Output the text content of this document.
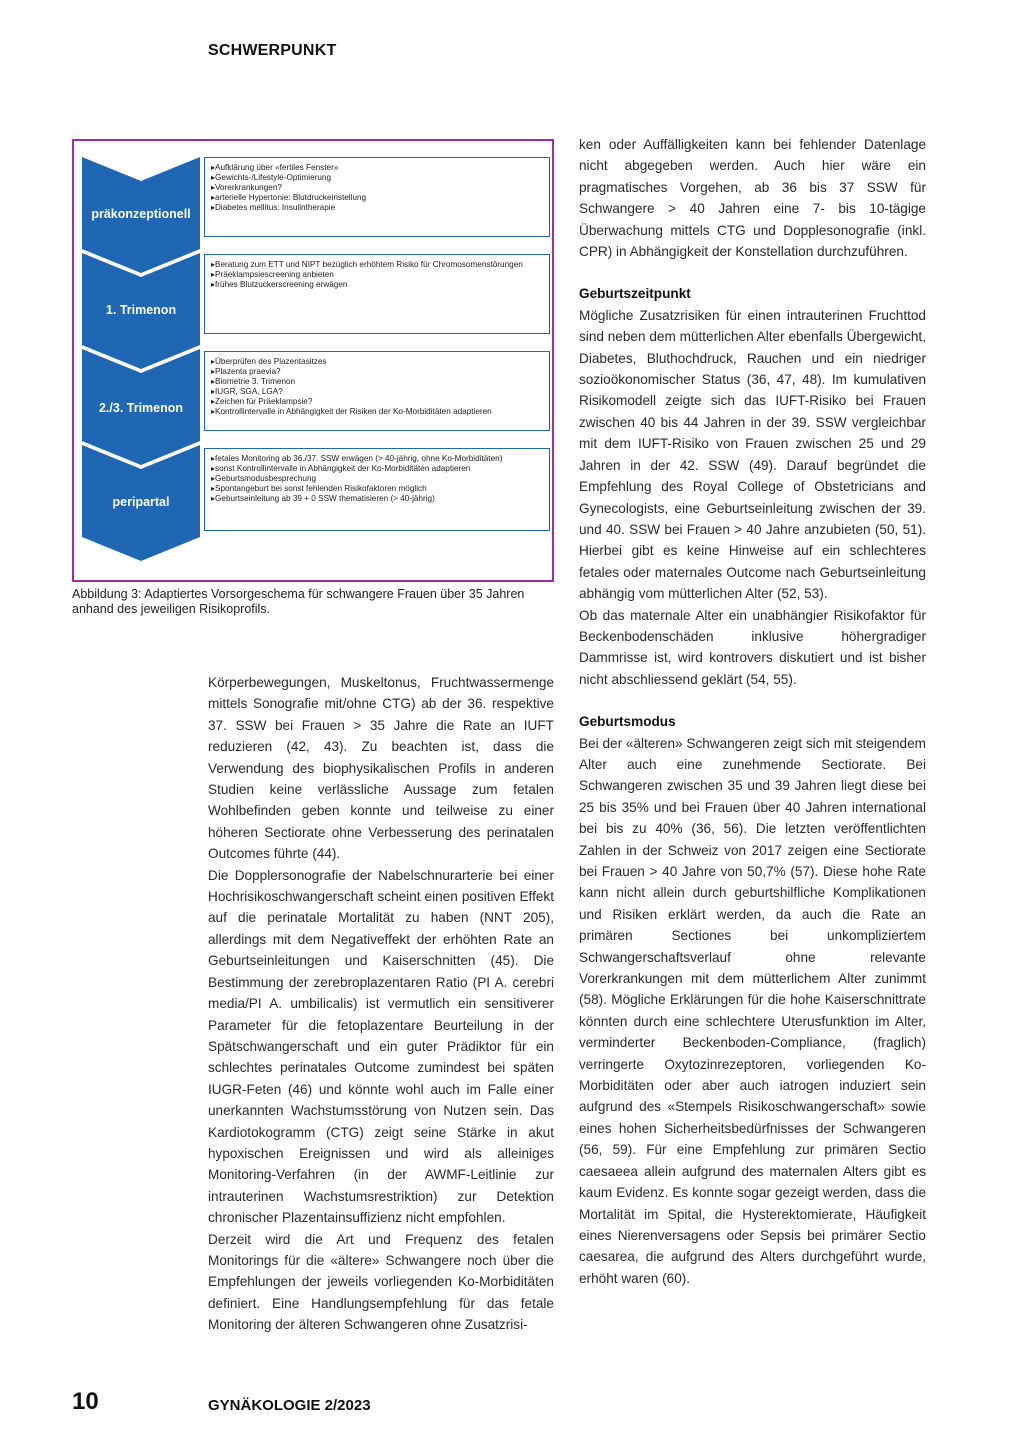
SCHWERPUNKT
präkonzeptionell
▸ Aufklärung über «fertiles Fenster»
▸ Gewichts-/Lifestyle-Optimierung
▸ Vorerkrankungen?
▸ arterielle Hypertonie: Blutdruckeinstellung
▸ Diabetes mellitus: Insulintherapie
1. Trimenon
▸ Beratung zum ETT und NIPT bezüglich erhöhtem Risiko für Chromosomenstörungen
▸ Präeklampsiescreening anbieten
▸ frühes Blutzuckerscreening erwägen
2./3. Trimenon
▸ Überprüfen des Plazentasitzes
▸ Plazenta praevia?
▸ Biometrie 3. Trimenon
▸ IUGR, SGA, LGA?
▸ Zeichen für Präeklampsie?
▸ Kontrollintervalle in Abhängigkeit der Risiken der Ko-Morbiditäten adaptieren
peripartal
▸ fetales Monitoring ab 36./37. SSW erwägen (> 40-jährig, ohne Ko-Morbiditäten)
▸ sonst Kontrollintervalle in Abhängigkeit der Ko-Morbiditäten adaptieren
▸ Geburtsmodusbesprechung
▸ Spontangeburt bei sonst fehlenden Risikofaktoren möglich
▸ Geburtseinleitung ab 39 + 0 SSW thematisieren (> 40-jährig)
Abbildung 3: Adaptiertes Vorsorgeschema für schwangere Frauen über 35 Jahren anhand des jeweiligen Risikoprofils.

Körperbewegungen, Muskeltonus, Fruchtwassermenge mittels Sonografie mit/ohne CTG) ab der 36. respektive 37. SSW bei Frauen > 35 Jahre die Rate an IUFT reduzieren (42, 43). Zu beachten ist, dass die Verwendung des biophysikalischen Profils in anderen Studien keine verlässliche Aussage zum fetalen Wohlbefinden geben konnte und teilweise zu einer höheren Sectiorate ohne Verbesserung des perinatalen Outcomes führte (44).

Die Dopplersonografie der Nabelschnurarterie bei einer Hochrisikoschwangerschaft scheint einen positiven Effekt auf die perinatale Mortalität zu haben (NNT 205), allerdings mit dem Negativeffekt der erhöhten Rate an Geburtseinleitungen und Kaiserschnitten (45). Die Bestimmung der zerebroplazentaren Ratio (PI A. cerebri media/PI A. umbilicalis) ist vermutlich ein sensitiverer Parameter für die fetoplazentare Beurteilung in der Spätschwangerschaft und ein guter Prädiktor für ein schlechtes perinatales Outcome zumindest bei späten IUGR-Feten (46) und könnte wohl auch im Falle einer unerkannten Wachstumsstörung von Nutzen sein. Das Kardiotokogramm (CTG) zeigt seine Stärke in akut hypoxischen Ereignissen und wird als alleiniges Monitoring-Verfahren (in der AWMF-Leitlinie zur intrauterinen Wachstumsrestriktion) zur Detektion chronischer Plazentainsuffizienz nicht empfohlen.

Derzeit wird die Art und Frequenz des fetalen Monitorings für die «ältere» Schwangere noch über die Empfehlungen der jeweils vorliegenden Ko-Morbiditäten definiert. Eine Handlungsempfehlung für das fetale Monitoring der älteren Schwangeren ohne Zusatzrisi-

ken oder Auffälligkeiten kann bei fehlender Datenlage nicht abgegeben werden. Auch hier wäre ein pragmatisches Vorgehen, ab 36 bis 37 SSW für Schwangere > 40 Jahren eine 7- bis 10-tägige Überwachung mittels CTG und Dopplesonografie (inkl. CPR) in Abhängigkeit der Konstellation durchzuführen.

Geburtszeitpunkt

Mögliche Zusatzrisiken für einen intrauterinen Fruchttod sind neben dem mütterlichen Alter ebenfalls Übergewicht, Diabetes, Bluthochdruck, Rauchen und ein niedriger sozioökonomischer Status (36, 47, 48). Im kumulativen Risikomodell zeigte sich das IUFT-Risiko bei Frauen zwischen 40 bis 44 Jahren in der 39. SSW vergleichbar mit dem IUFT-Risiko von Frauen zwischen 25 und 29 Jahren in der 42. SSW (49). Darauf begründet die Empfehlung des Royal College of Obstetricians and Gynecologists, eine Geburtseinleitung zwischen der 39. und 40. SSW bei Frauen > 40 Jahre anzubieten (50, 51). Hierbei gibt es keine Hinweise auf ein schlechteres fetales oder maternales Outcome nach Geburtseinleitung abhängig vom mütterlichen Alter (52, 53).

Ob das maternale Alter ein unabhängier Risikofaktor für Beckenbodenschäden inklusive höhergradiger Dammrisse ist, wird kontrovers diskutiert und ist bisher nicht abschliessend geklärt (54, 55).

Geburtsmodus

Bei der «älteren» Schwangeren zeigt sich mit steigendem Alter auch eine zunehmende Sectiorate. Bei Schwangeren zwischen 35 und 39 Jahren liegt diese bei 25 bis 35% und bei Frauen über 40 Jahren international bei bis zu 40% (36, 56). Die letzten veröffentlichten Zahlen in der Schweiz von 2017 zeigen eine Sectiorate bei Frauen > 40 Jahre von 50,7% (57). Diese hohe Rate kann nicht allein durch geburtshilfliche Komplikationen und Risiken erklärt werden, da auch die Rate an primären Sectiones bei unkompliziertem Schwangerschaftsverlauf ohne relevante Vorerkrankungen mit dem mütterlichem Alter zunimmt (58). Mögliche Erklärungen für die hohe Kaiserschnittrate könnten durch eine schlechtere Uterusfunktion im Alter, verminderter Beckenboden-Compliance, (fraglich) verringerte Oxytozinrezeptoren, vorliegenden Ko-Morbiditäten oder aber auch iatrogen induziert sein aufgrund des «Stempels Risikoschwangerschaft» sowie eines hohen Sicherheitsbedürfnisses der Schwangeren (56, 59). Für eine Empfehlung zur primären Sectio caesaeea allein aufgrund des maternalen Alters gibt es kaum Evidenz. Es konnte sogar gezeigt werden, dass die Mortalität im Spital, die Hysterektomierate, Häufigkeit eines Nierenversagens oder Sepsis bei primärer Sectio caesarea, die aufgrund des Alters durchgeführt wurde, erhöht waren (60).

10	GYNÄKOLOGIE 2/2023
